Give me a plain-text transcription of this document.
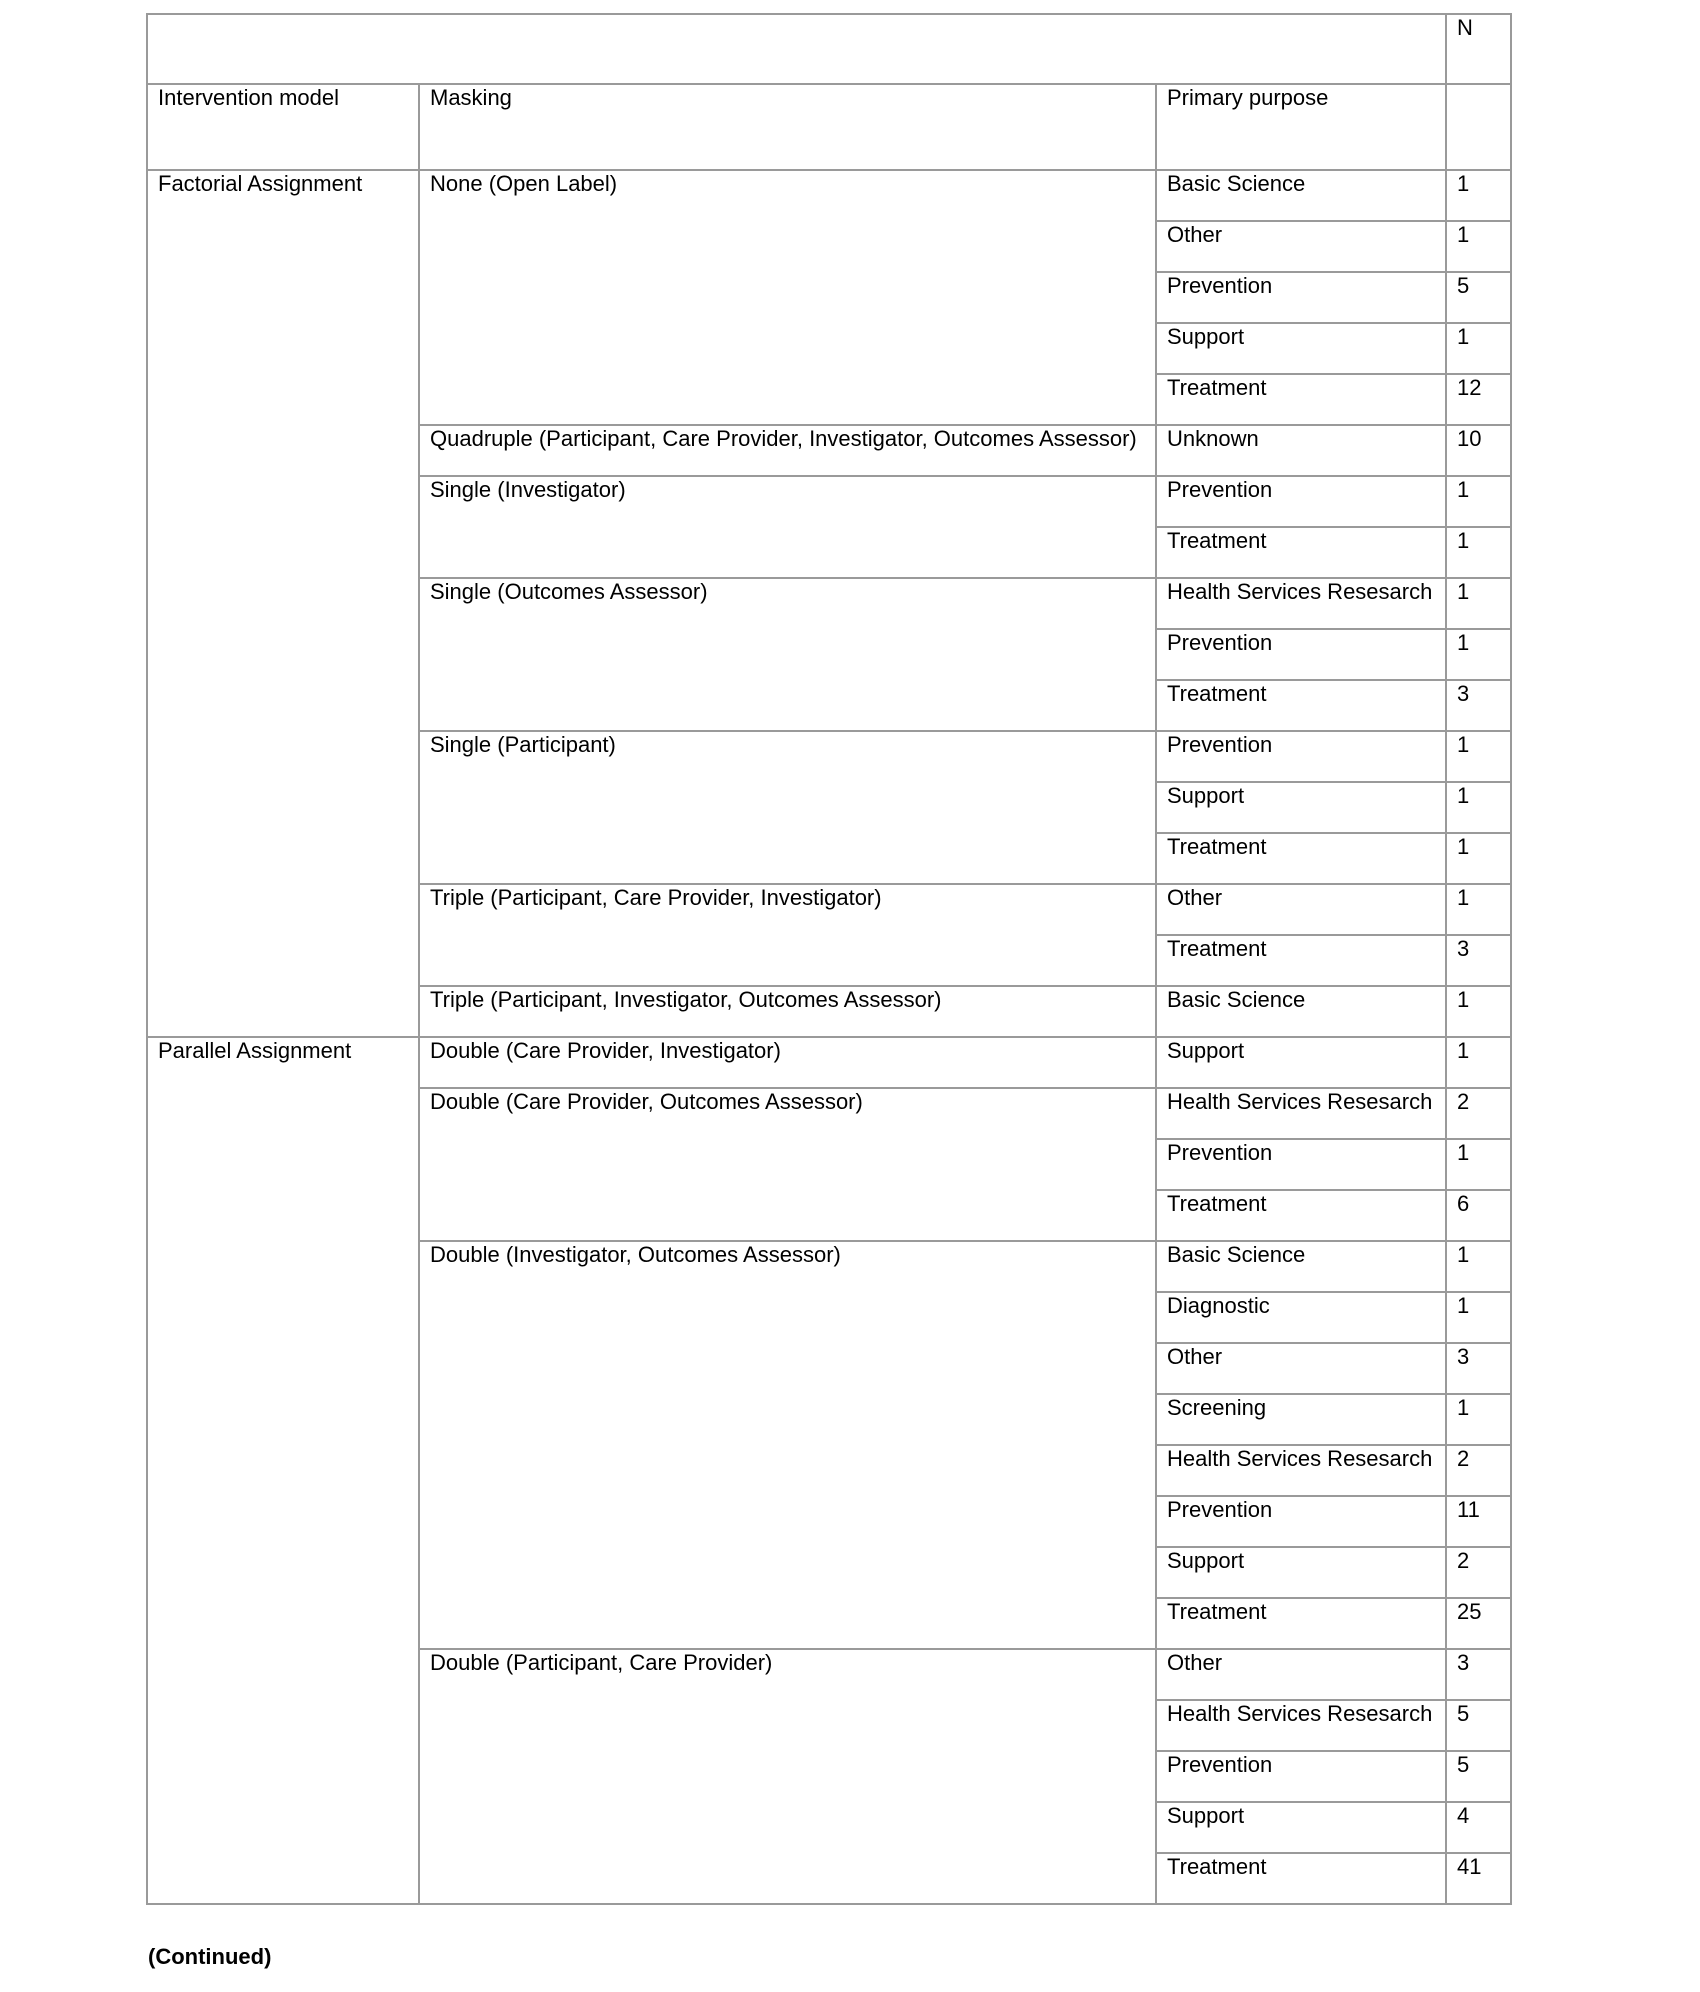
Study design			N
Intervention model	Masking	Primary purpose	
Factorial Assignment	None (Open Label)	Basic Science	1
		Other	1
		Prevention	5
		Support	1
		Treatment	12
	Quadruple (Participant, Care Provider, Investigator, Outcomes Assessor)	Unknown	10
	Single (Investigator)	Prevention	1
		Treatment	1
	Single (Outcomes Assessor)	Health Services Resesarch	1
		Prevention	1
		Treatment	3
	Single (Participant)	Prevention	1
		Support	1
		Treatment	1
	Triple (Participant, Care Provider, Investigator)	Other	1
		Treatment	3
	Triple (Participant, Investigator, Outcomes Assessor)	Basic Science	1
Parallel Assignment	Double (Care Provider, Investigator)	Support	1
	Double (Care Provider, Outcomes Assessor)	Health Services Resesarch	2
		Prevention	1
		Treatment	6
	Double (Investigator, Outcomes Assessor)	Basic Science	1
		Diagnostic	1
		Other	3
		Screening	1
		Health Services Resesarch	2
		Prevention	11
		Support	2
		Treatment	25
	Double (Participant, Care Provider)	Other	3
		Health Services Resesarch	5
		Prevention	5
		Support	4
		Treatment	41
(Continued)
